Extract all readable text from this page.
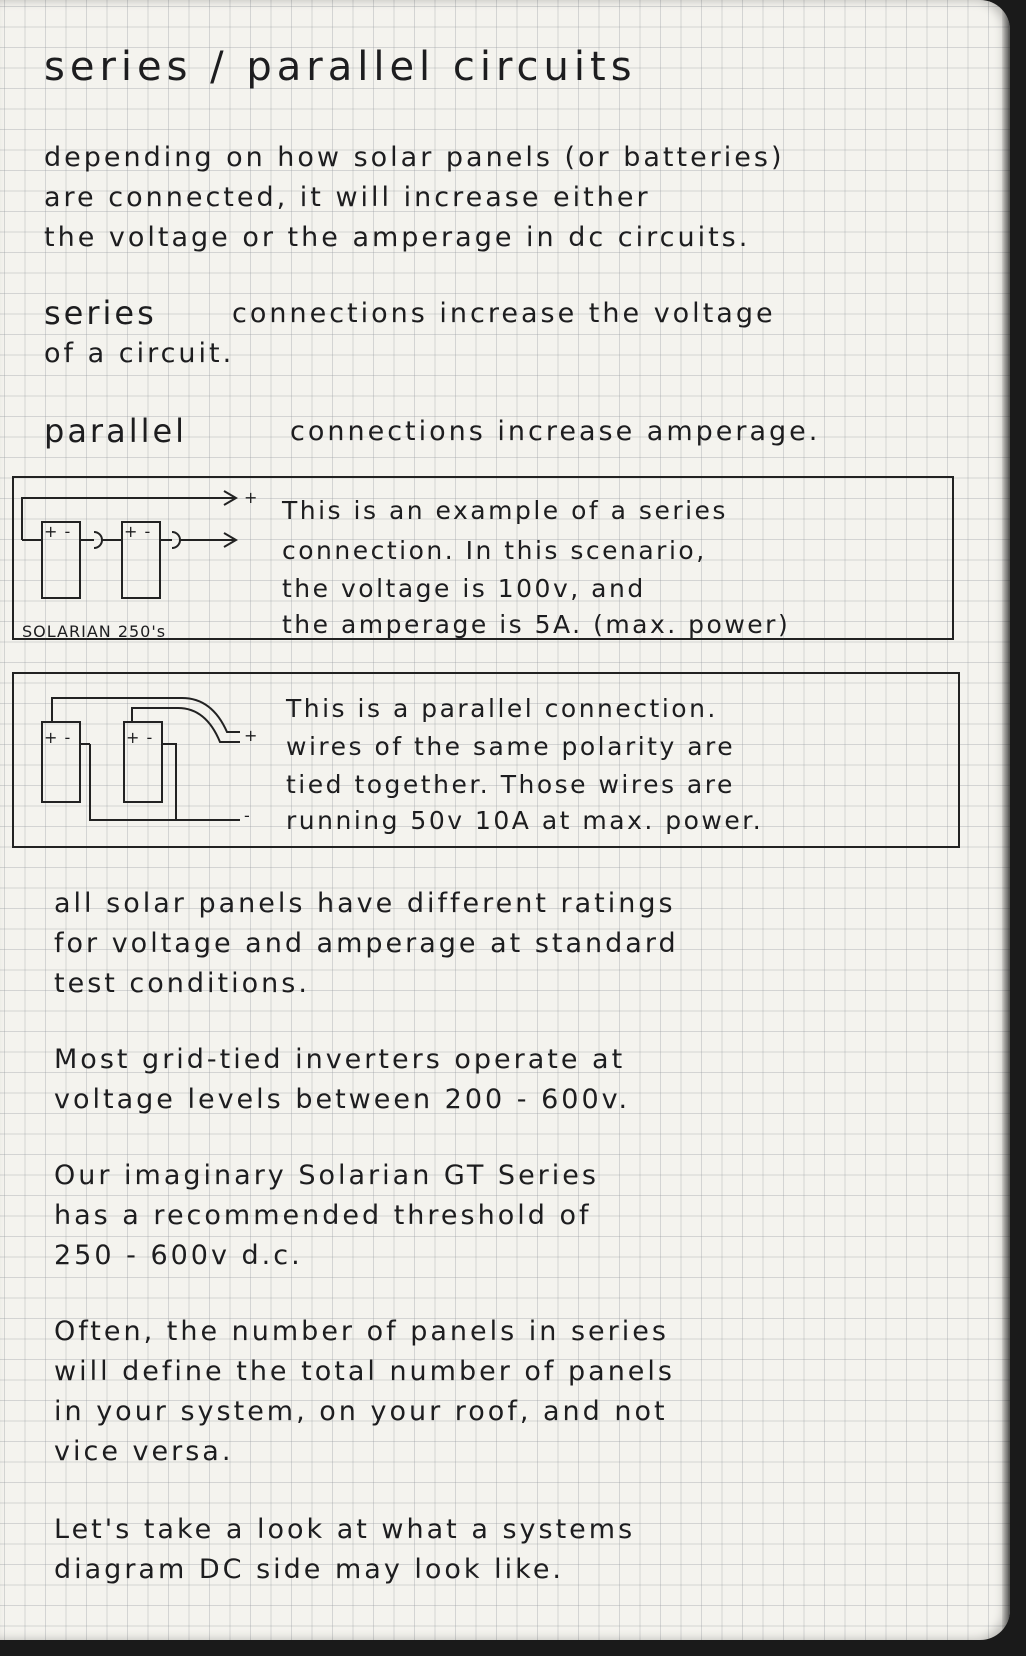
series / parallel circuits
depending on how solar panels (or batteries)
are connected, it will increase either
the voltage or the amperage in dc circuits.
series	connections increase the voltage
of a circuit.
parallel	connections increase amperage.
+ -	+ -
+
SOLARIAN 250's
This is an example of a series
connection. In this scenario,
the voltage is 100v, and
the amperage is 5A. (max. power)
+ -	+ -	+
-
This is a parallel connection.
wires of the same polarity are
tied together. Those wires are
running 50v 10A at max. power.
all solar panels have different ratings
for voltage and amperage at standard
test conditions.
Most grid-tied inverters operate at
voltage levels between 200 - 600v.
Our imaginary Solarian GT Series
has a recommended threshold of
250 - 600v d.c.
Often, the number of panels in series
will define the total number of panels
in your system, on your roof, and not
vice versa.
Let's take a look at what a systems
diagram DC side may look like.
